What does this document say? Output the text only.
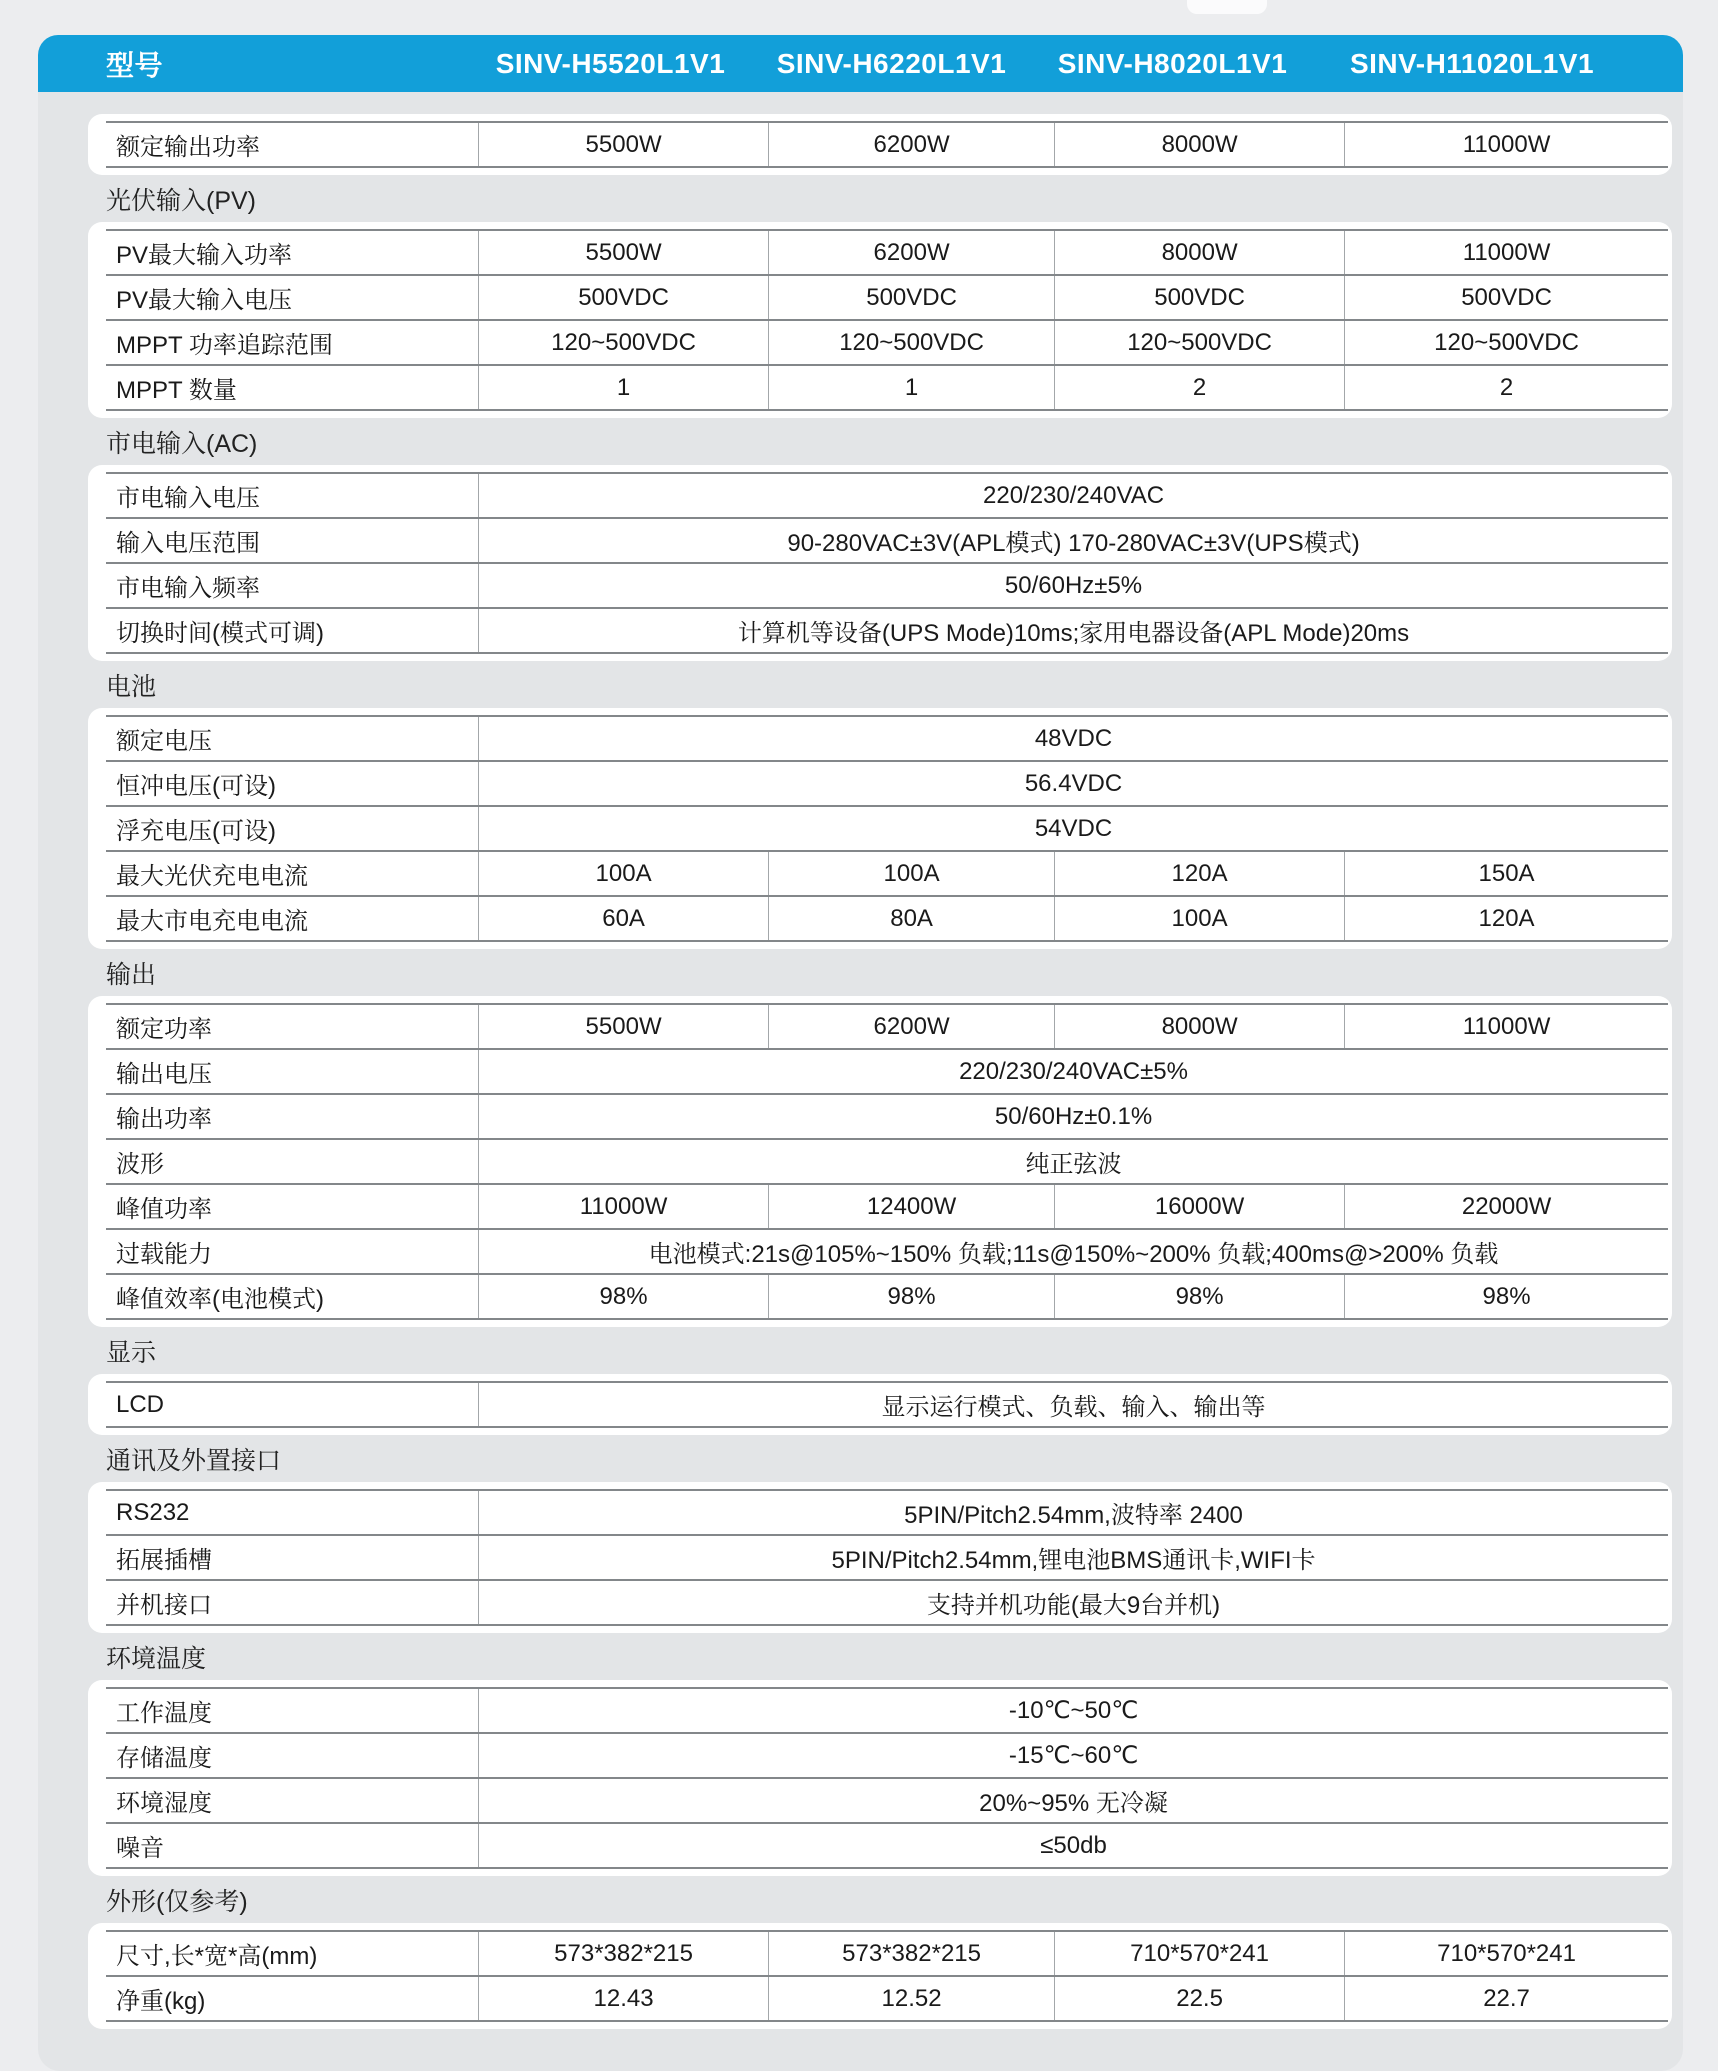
型号	SINV-H5520L1V1	SINV-H6220L1V1	SINV-H8020L1V1	SINV-H11020L1V1
额定输出功率	5500W	6200W	8000W	11000W
光伏输入(PV)
PV最大输入功率	5500W	6200W	8000W	11000W
PV最大输入电压	500VDC	500VDC	500VDC	500VDC
MPPT 功率追踪范围	120~500VDC	120~500VDC	120~500VDC	120~500VDC
MPPT 数量	1	1	2	2
市电输入(AC)
市电输入电压	220/230/240VAC
输入电压范围	90-280VAC±3V(APL模式) 170-280VAC±3V(UPS模式)
市电输入频率	50/60Hz±5%
切换时间(模式可调)	计算机等设备(UPS Mode)10ms;家用电器设备(APL Mode)20ms
电池
额定电压	48VDC
恒冲电压(可设)	56.4VDC
浮充电压(可设)	54VDC
最大光伏充电电流	100A	100A	120A	150A
最大市电充电电流	60A	80A	100A	120A
输出
额定功率	5500W	6200W	8000W	11000W
输出电压	220/230/240VAC±5%
输出功率	50/60Hz±0.1%
波形	纯正弦波
峰值功率	11000W	12400W	16000W	22000W
过载能力	电池模式:21s@105%~150% 负载;11s@150%~200% 负载;400ms@>200% 负载
峰值效率(电池模式)	98%	98%	98%	98%
显示
LCD	显示运行模式、负载、输入、输出等
通讯及外置接口
RS232	5PIN/Pitch2.54mm,波特率 2400
拓展插槽	5PIN/Pitch2.54mm,锂电池BMS通讯卡,WIFI卡
并机接口	支持并机功能(最大9台并机)
环境温度
工作温度	-10℃~50℃
存储温度	-15℃~60℃
环境湿度	20%~95% 无冷凝
噪音	≤50db
外形(仅参考)
尺寸,长*宽*高(mm)	573*382*215	573*382*215	710*570*241	710*570*241
净重(kg)	12.43	12.52	22.5	22.7
